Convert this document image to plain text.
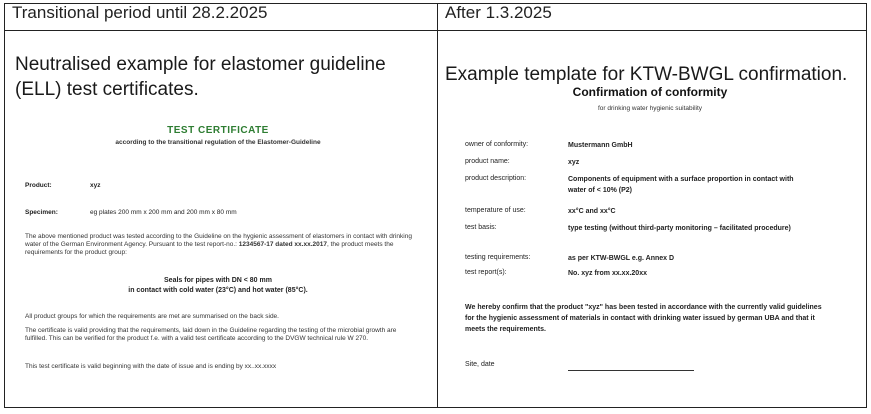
Transitional period until 28.2.2025	After 1.3.2025
Neutralised example for elastomer guideline
(ELL) test certificates.
TEST CERTIFICATE
according to the transitional regulation of the Elastomer-Guideline
Product:	xyz
Specimen:	eg plates 200 mm x 200 mm and 200 mm x 80 mm
The above mentioned product was tested according to the Guideline on the hygienic assessment of elastomers in contact with drinking water of the German Environment Agency. Pursuant to the test report-no.: 1234567-17 dated xx.xx.2017, the product meets the requirements for the product group:
Seals for pipes with DN < 80 mm
in contact with cold water (23°C) and hot water (85°C).
All product groups for which the requirements are met are summarised on the back side.
The certificate is valid providing that the requirements, laid down in the Guideline regarding the testing of the microbial growth are fulfilled. This can be verified for the product f.e. with a valid test certificate according to the DVGW technical rule W 270.
This test certificate is valid beginning with the date of issue and is ending by xx..xx.xxxx
Example template for KTW-BWGL confirmation.
Confirmation of conformity
for drinking water hygienic suitability
owner of conformity:	Mustermann GmbH
product name:	xyz
product description:	Components of equipment with a surface proportion in contact with water of < 10% (P2)
temperature of use:	xx°C and xx°C
test basis:	type testing (without third-party monitoring – facilitated procedure)
testing requirements:	as per KTW-BWGL e.g. Annex D
test report(s):	No. xyz from xx.xx.20xx
We hereby confirm that the product "xyz" has been tested in accordance with the currently valid guidelines for the hygienic assessment of materials in contact with drinking water issued by german UBA and that it meets the requirements.
Site, date
